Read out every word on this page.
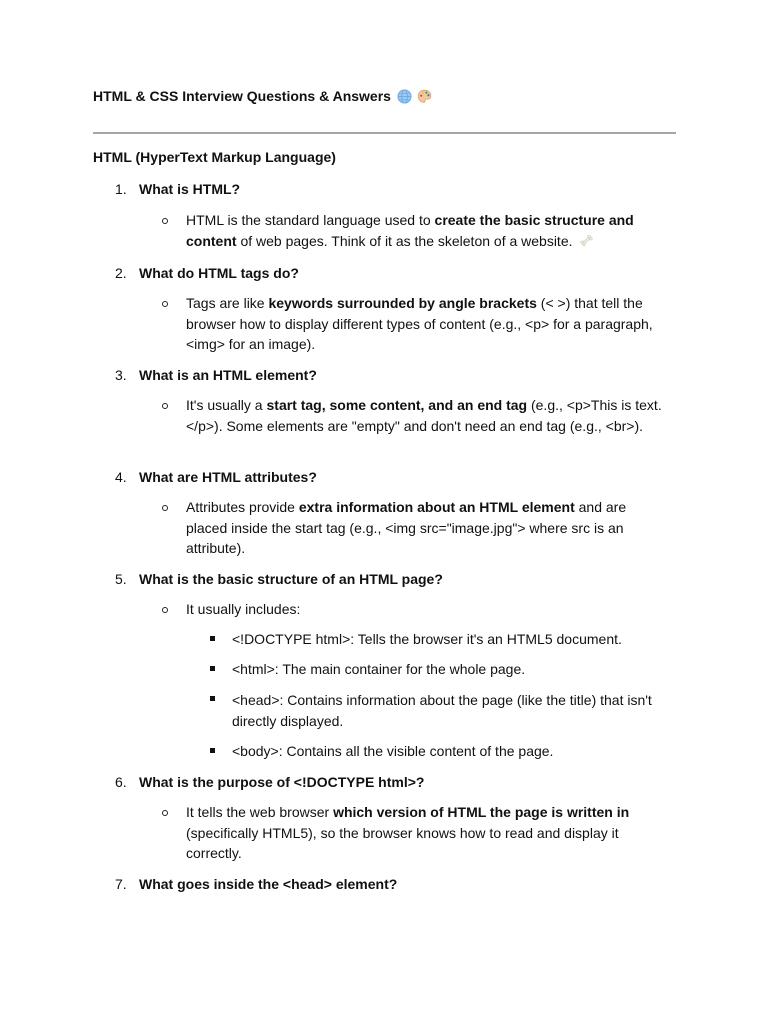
HTML & CSS Interview Questions & Answers
HTML (HyperText Markup Language)
1. What is HTML?
HTML is the standard language used to create the basic structure and content of web pages. Think of it as the skeleton of a website.
2. What do HTML tags do?
Tags are like keywords surrounded by angle brackets (< >) that tell the browser how to display different types of content (e.g., <p> for a paragraph, <img> for an image).
3. What is an HTML element?
It's usually a start tag, some content, and an end tag (e.g., <p>This is text.</p>). Some elements are "empty" and don't need an end tag (e.g., <br>).
4. What are HTML attributes?
Attributes provide extra information about an HTML element and are placed inside the start tag (e.g., <img src="image.jpg"> where src is an attribute).
5. What is the basic structure of an HTML page?
It usually includes:
<!DOCTYPE html>: Tells the browser it's an HTML5 document.
<html>: The main container for the whole page.
<head>: Contains information about the page (like the title) that isn't directly displayed.
<body>: Contains all the visible content of the page.
6. What is the purpose of <!DOCTYPE html>?
It tells the web browser which version of HTML the page is written in (specifically HTML5), so the browser knows how to read and display it correctly.
7. What goes inside the <head> element?
